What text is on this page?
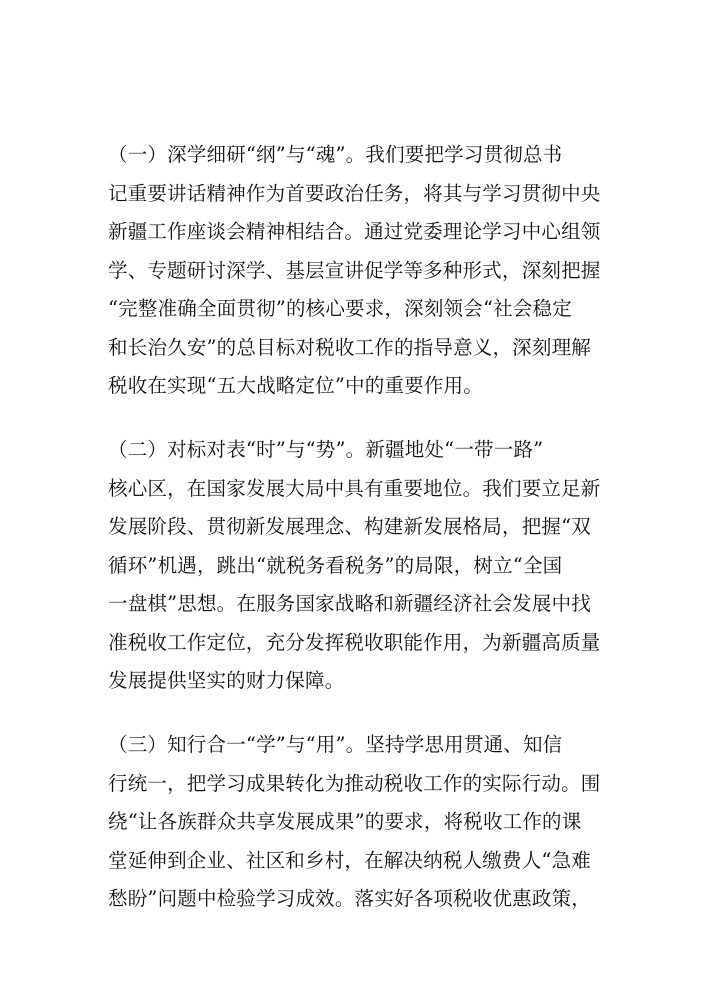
（一）深学细研“纲”与“魂”。我们要把学习贯彻总书
记重要讲话精神作为首要政治任务，将其与学习贯彻中央
新疆工作座谈会精神相结合。通过党委理论学习中心组领
学、专题研讨深学、基层宣讲促学等多种形式，深刻把握
“完整准确全面贯彻”的核心要求，深刻领会“社会稳定
和长治久安”的总目标对税收工作的指导意义，深刻理解
税收在实现“五大战略定位”中的重要作用。
（二）对标对表“时”与“势”。新疆地处“一带一路”
核心区，在国家发展大局中具有重要地位。我们要立足新
发展阶段、贯彻新发展理念、构建新发展格局，把握“双
循环”机遇，跳出“就税务看税务”的局限，树立“全国
一盘棋”思想。在服务国家战略和新疆经济社会发展中找
准税收工作定位，充分发挥税收职能作用，为新疆高质量
发展提供坚实的财力保障。
（三）知行合一“学”与“用”。坚持学思用贯通、知信
行统一，把学习成果转化为推动税收工作的实际行动。围
绕“让各族群众共享发展成果”的要求，将税收工作的课
堂延伸到企业、社区和乡村，在解决纳税人缴费人“急难
愁盼”问题中检验学习成效。落实好各项税收优惠政策，
